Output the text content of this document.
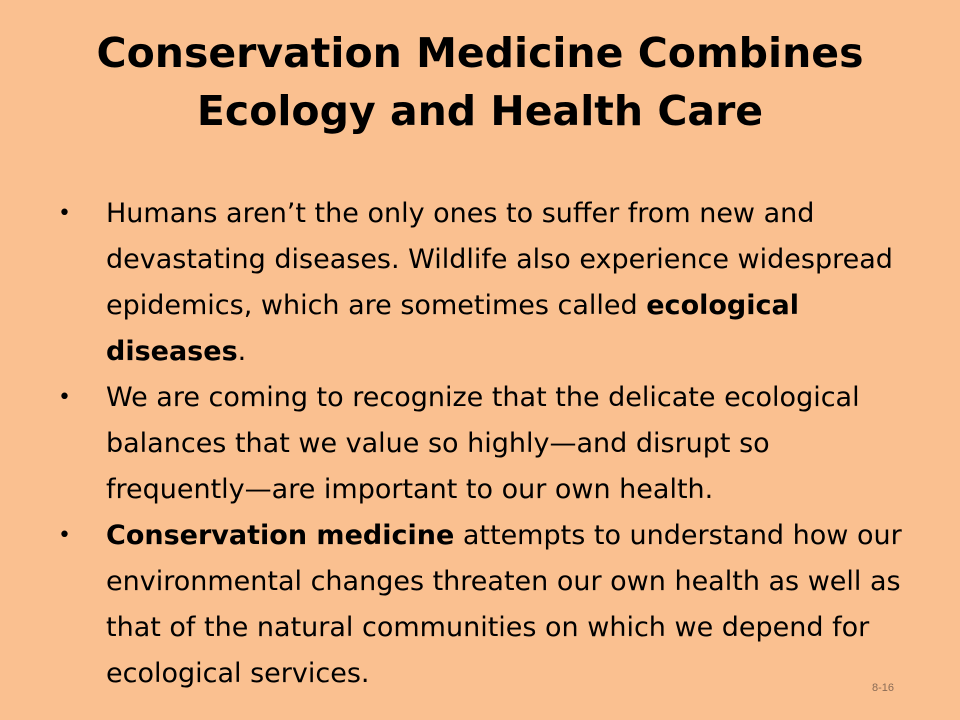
Conservation Medicine Combines
Ecology and Health Care
• Humans aren’t the only ones to suffer from new and devastating diseases. Wildlife also experience widespread epidemics, which are sometimes called ecological diseases.
• We are coming to recognize that the delicate ecological balances that we value so highly—and disrupt so frequently—are important to our own health.
• Conservation medicine attempts to understand how our environmental changes threaten our own health as well as that of the natural communities on which we depend for ecological services.	8-16
